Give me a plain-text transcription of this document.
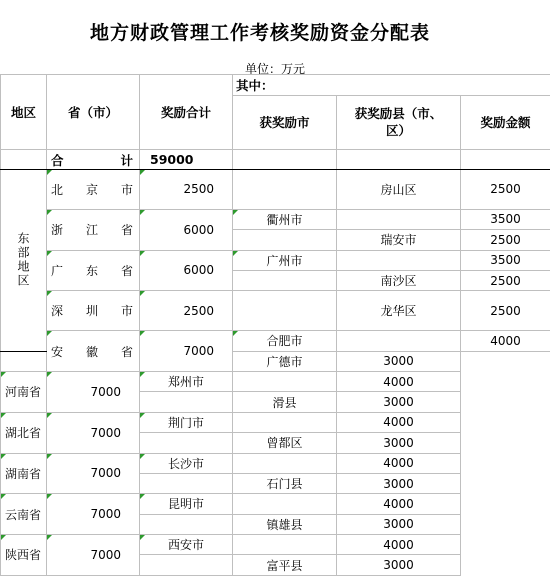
地方财政管理工作考核奖励资金分配表
单位：万元
地区	省（市）	奖励合计	其中：		
			获奖励市	获奖励县（市、区）	奖励金额

	合 计	59000			

东部地区	北 京 市	2500		房山区	2500

	浙 江 省	6000	衢州市		3500
				瑞安市	2500

	广 东 省	6000	广州市		3500
				南沙区	2500

	深 圳 市	2500		龙华区	2500

	安 徽 省	7000	合肥市		4000
			广德市	3000	

河 南 省	7000	郑州市		4000	
			滑县	3000	

湖 北 省	7000	荆门市		4000	
			曾都区	3000	

湖 南 省	7000	长沙市		4000	
			石门县	3000	

云 南 省	7000	昆明市		4000	
			镇雄县	3000	

陕 西 省	7000	西安市		4000	
			富平县	3000	
